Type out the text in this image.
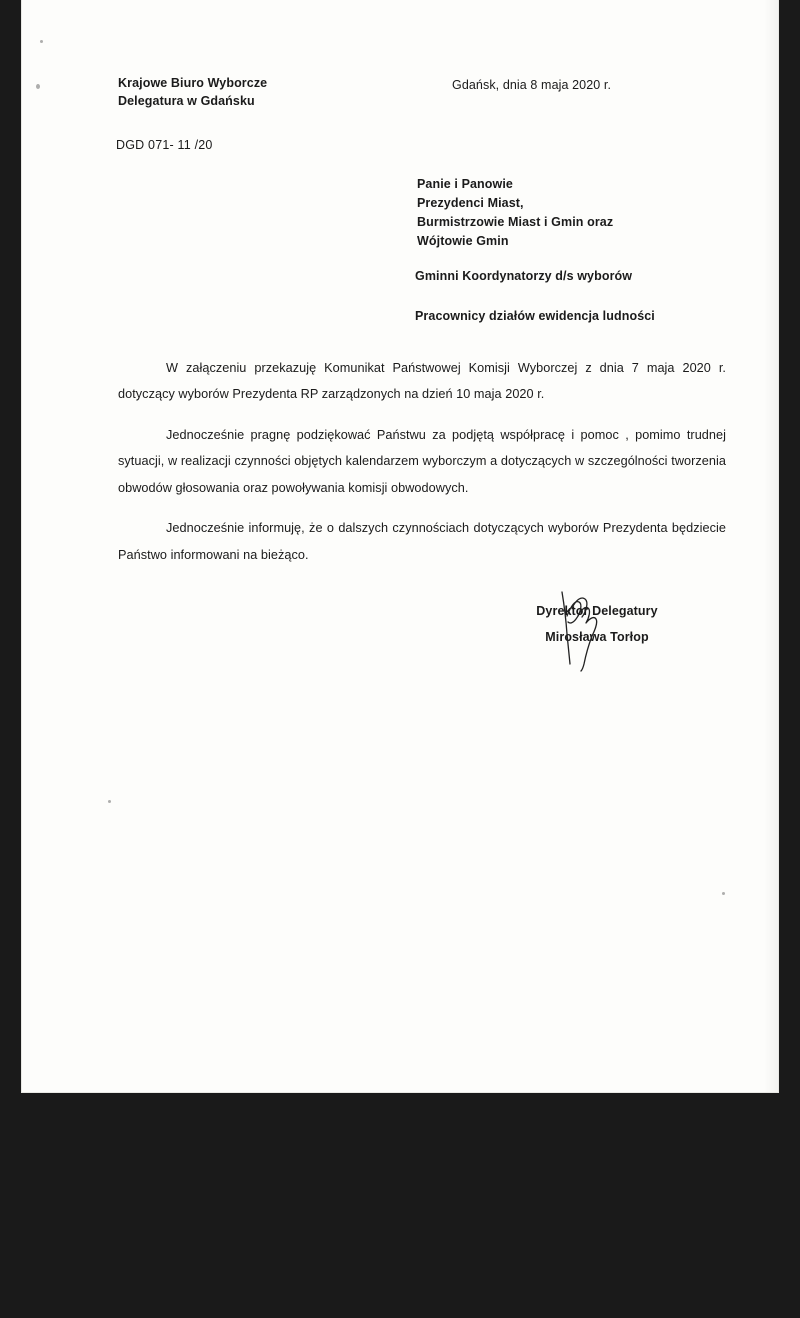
Krajowe Biuro Wyborcze
Delegatura w Gdańsku
Gdańsk, dnia 8 maja 2020 r.
DGD 071- 11 /20
Panie i Panowie
Prezydenci Miast,
Burmistrzowie Miast i Gmin oraz
Wójtowie Gmin
Gminni Koordynatorzy d/s wyborów
Pracownicy działów ewidencja ludności

W załączeniu przekazuję Komunikat Państwowej Komisji Wyborczej z dnia 7 maja 2020 r. dotyczący wyborów Prezydenta RP zarządzonych na dzień 10 maja 2020 r.

Jednocześnie pragnę podziękować Państwu za podjętą współpracę i pomoc , pomimo trudnej sytuacji, w realizacji czynności objętych kalendarzem wyborczym a dotyczących w szczególności tworzenia obwodów głosowania oraz powoływania komisji obwodowych.

Jednocześnie informuję, że o dalszych czynnościach dotyczących wyborów Prezydenta będziecie Państwo informowani na bieżąco.

Dyrektor Delegatury
Mirosława Torłop
